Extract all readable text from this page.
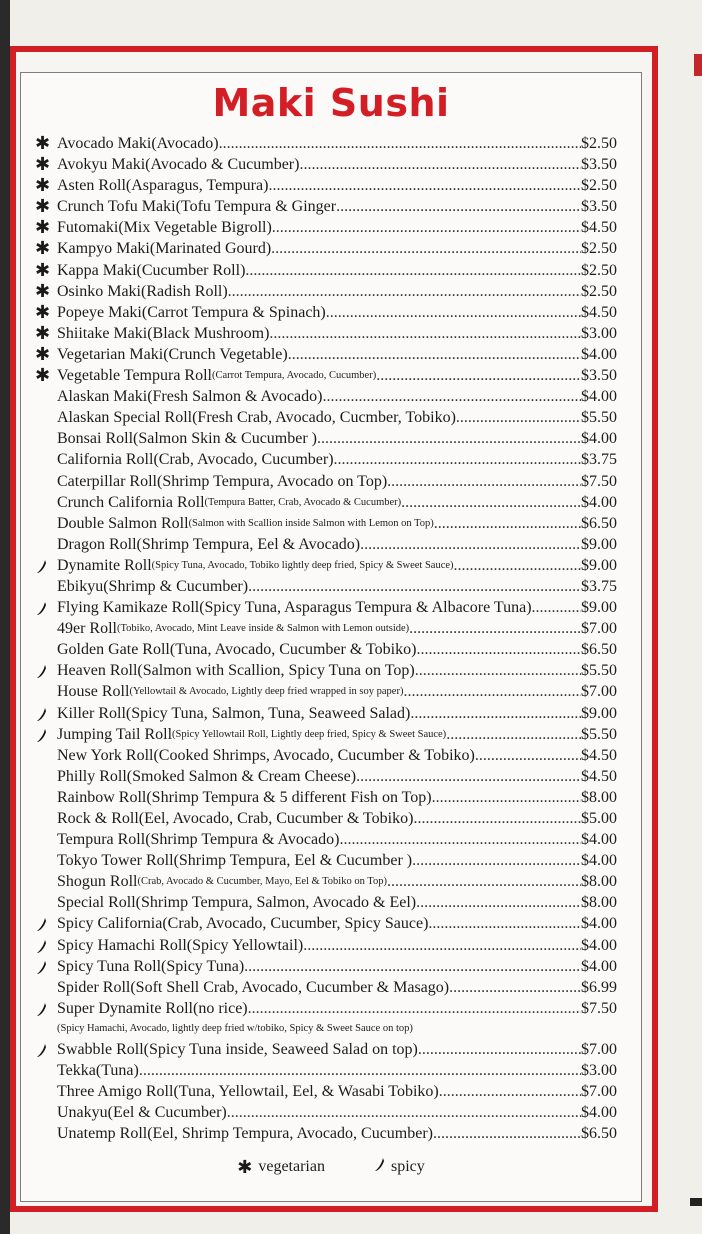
Maki Sushi
✱ Avocado Maki (Avocado) .....	$2.50
✱ Avokyu Maki (Avocado & Cucumber) .....	$3.50
✱ Asten Roll (Asparagus, Tempura) .....	$2.50
✱ Crunch Tofu Maki (Tofu Tempura & Ginger .....	$3.50
✱ Futomaki (Mix Vegetable Bigroll) .....	$4.50
✱ Kampyo Maki (Marinated Gourd) .....	$2.50
✱ Kappa Maki (Cucumber Roll) .....	$2.50
✱ Osinko Maki (Radish Roll) .....	$2.50
✱ Popeye Maki (Carrot Tempura & Spinach) .....	$4.50
✱ Shiitake Maki (Black Mushroom) .....	$3.00
✱ Vegetarian Maki (Crunch Vegetable) .....	$4.00
✱ Vegetable Tempura Roll (Carrot Tempura, Avocado, Cucumber) .....	$3.50
Alaskan Maki (Fresh Salmon & Avocado) .....	$4.00
Alaskan Special Roll (Fresh Crab, Avocado, Cucmber, Tobiko) .....	$5.50
Bonsai Roll (Salmon Skin & Cucumber ) .....	$4.00
California Roll (Crab, Avocado, Cucumber) .....	$3.75
Caterpillar Roll (Shrimp Tempura, Avocado on Top) .....	$7.50
Crunch California Roll (Tempura Batter, Crab, Avocado & Cucumber) .....	$4.00
Double Salmon Roll (Salmon with Scallion inside Salmon with Lemon on Top) .....	$6.50
Dragon Roll (Shrimp Tempura, Eel & Avocado) .....	$9.00
Dynamite Roll (Spicy Tuna, Avocado, Tobiko lightly deep fried, Spicy & Sweet Sauce) .....	$9.00
Ebikyu (Shrimp & Cucumber) .....	$3.75
Flying Kamikaze Roll (Spicy Tuna, Asparagus Tempura & Albacore Tuna) .....	$9.00
49er Roll (Tobiko, Avocado, Mint Leave inside & Salmon with Lemon outside) .....	$7.00
Golden Gate Roll (Tuna, Avocado, Cucumber & Tobiko) .....	$6.50
Heaven Roll (Salmon with Scallion, Spicy Tuna on Top) .....	$5.50
House Roll (Yellowtail & Avocado, Lightly deep fried wrapped in soy paper) .....	$7.00
Killer Roll (Spicy Tuna, Salmon, Tuna, Seaweed Salad) .....	$9.00
Jumping Tail Roll (Spicy Yellowtail Roll, Lightly deep fried, Spicy & Sweet Sauce) .....	$5.50
New York Roll (Cooked Shrimps, Avocado, Cucumber & Tobiko) .....	$4.50
Philly Roll (Smoked Salmon & Cream Cheese) .....	$4.50
Rainbow Roll (Shrimp Tempura & 5 different Fish on Top) .....	$8.00
Rock & Roll (Eel, Avocado, Crab, Cucumber & Tobiko) .....	$5.00
Tempura Roll (Shrimp Tempura & Avocado) .....	$4.00
Tokyo Tower Roll (Shrimp Tempura, Eel & Cucumber ) .....	$4.00
Shogun Roll (Crab, Avocado & Cucumber, Mayo, Eel & Tobiko on Top) .....	$8.00
Special Roll (Shrimp Tempura, Salmon, Avocado & Eel) .....	$8.00
Spicy California (Crab, Avocado, Cucumber, Spicy Sauce) .....	$4.00
Spicy Hamachi Roll (Spicy Yellowtail) .....	$4.00
Spicy Tuna Roll (Spicy Tuna) .....	$4.00
Spider Roll (Soft Shell Crab, Avocado, Cucumber & Masago) .....	$6.99
Super Dynamite Roll (no rice) .....	$7.50
(Spicy Hamachi, Avocado, lightly deep fried w/tobiko, Spicy & Sweet Sauce on top)
Swabble Roll (Spicy Tuna inside, Seaweed Salad on top) .....	$7.00
Tekka (Tuna) .....	$3.00
Three Amigo Roll (Tuna, Yellowtail, Eel, & Wasabi Tobiko) .....	$7.00
Unakyu (Eel & Cucumber) .....	$4.00
Unatemp Roll (Eel, Shrimp Tempura, Avocado, Cucumber) .....	$6.50
✱ vegetarian	spicy
